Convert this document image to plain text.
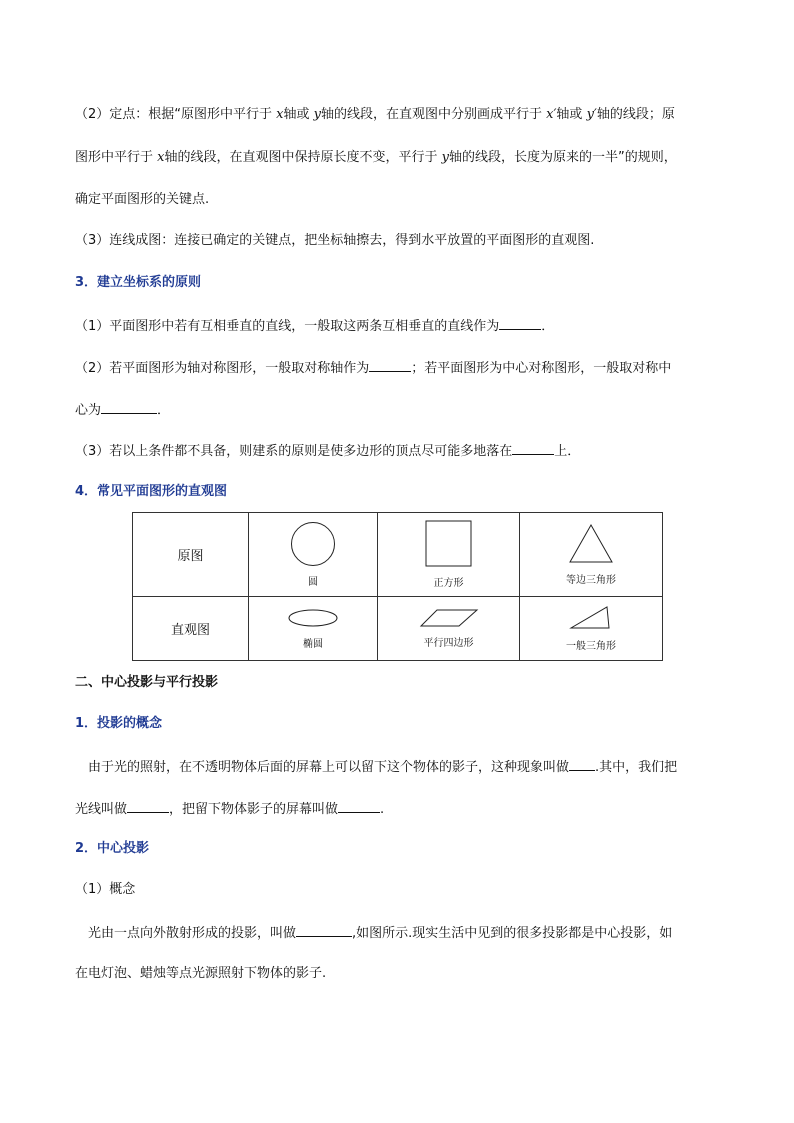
（2）定点：根据“原图形中平行于 x轴或 y轴的线段，在直观图中分别画成平行于 x′轴或 y′轴的线段；原
图形中平行于 x轴的线段，在直观图中保持原长度不变，平行于 y轴的线段，长度为原来的一半”的规则，
确定平面图形的关键点.
（3）连线成图：连接已确定的关键点，把坐标轴擦去，得到水平放置的平面图形的直观图.
3．建立坐标系的原则
（1）平面图形中若有互相垂直的直线，一般取这两条互相垂直的直线作为	．
（2）若平面图形为轴对称图形，一般取对称轴作为	；若平面图形为中心对称图形，一般取对称中
心为	．
（3）若以上条件都不具备，则建系的原则是使多边形的顶点尽可能多地落在	上．
4．常见平面图形的直观图
原图	圆	正方形	等边三角形

直观图	椭圆	平行四边形	一般三角形
二、中心投影与平行投影
1．投影的概念
由于光的照射，在不透明物体后面的屏幕上可以留下这个物体的影子，这种现象叫做 .其中，我们把
光线叫做	，把留下物体影子的屏幕叫做	.
2．中心投影
（1）概念
光由一点向外散射形成的投影，叫做	,如图所示.现实生活中见到的很多投影都是中心投影，如
在电灯泡、蜡烛等点光源照射下物体的影子.
